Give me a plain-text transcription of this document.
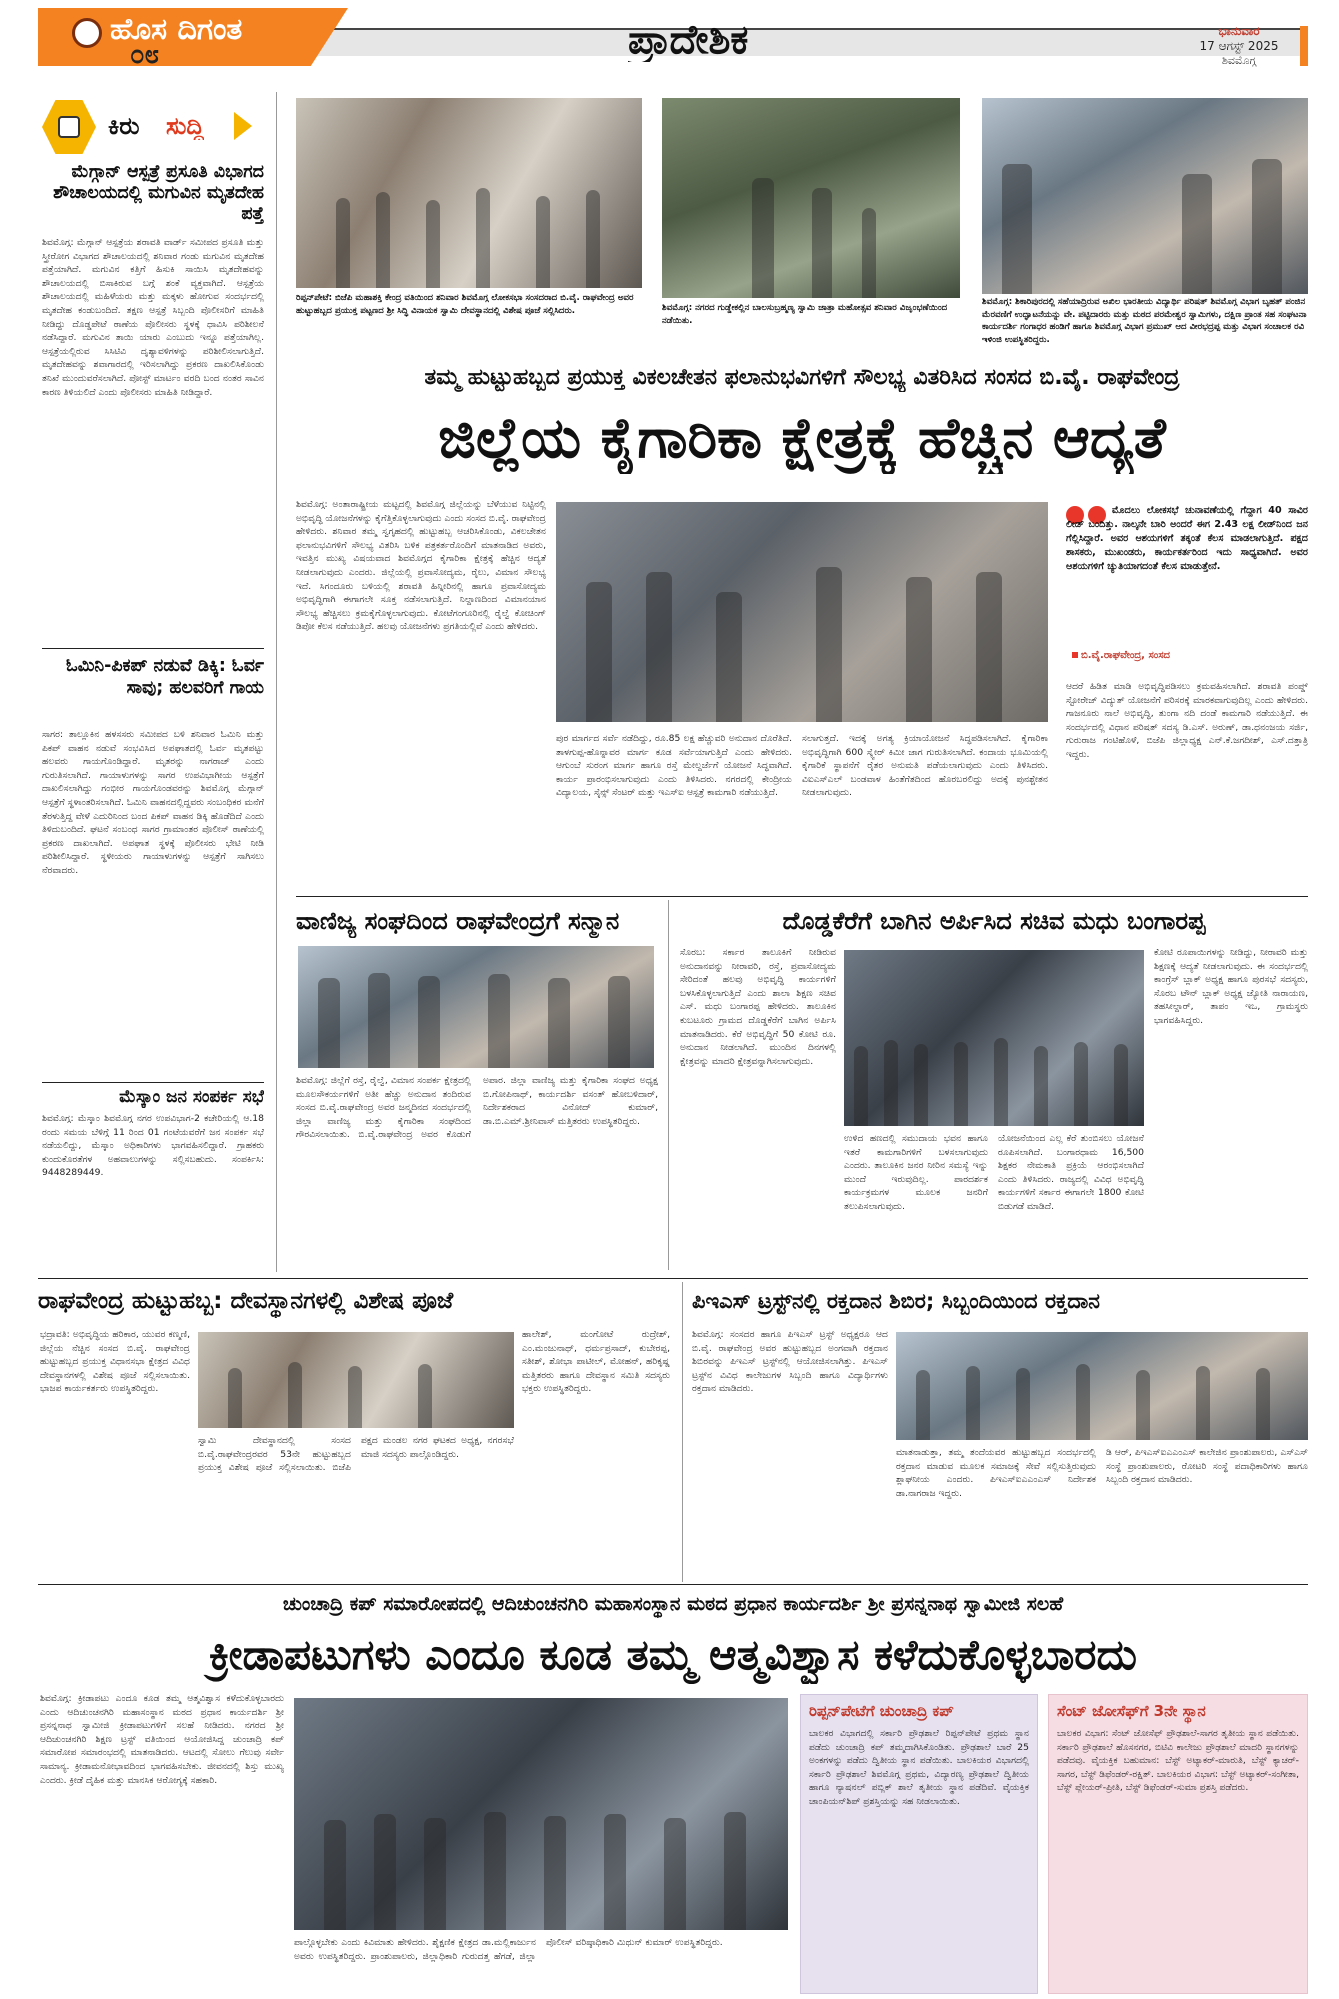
ಹೊಸ ದಿಗಂತ
೦೮	ಪ್ರಾದೇಶಿಕ	ಭಾನುವಾರ
17 ಆಗಸ್ಟ್ 2025
ಶಿವಮೊಗ್ಗ
ಕಿರು ಸುದ್ದಿ
ಮೆಗ್ಗಾನ್ ಆಸ್ಪತ್ರೆ ಪ್ರಸೂತಿ ವಿಭಾಗದ ಶೌಚಾಲಯದಲ್ಲಿ ಮಗುವಿನ ಮೃತದೇಹ ಪತ್ತೆ
ಶಿವಮೊಗ್ಗ: ಮೆಗ್ಗಾನ್ ಆಸ್ಪತ್ರೆಯ ಶರಾವತಿ ವಾರ್ಡ್ ಸಮೀಪದ ಪ್ರಸೂತಿ ಮತ್ತು ಸ್ತ್ರೀರೋಗ ವಿಭಾಗದ ಶೌಚಾಲಯದಲ್ಲಿ ಶನಿವಾರ ಗಂಡು ಮಗುವಿನ ಮೃತದೇಹ ಪತ್ತೆಯಾಗಿದೆ. ಮಗುವಿನ ಕತ್ತಿಗೆ ಹಿಸುಕಿ ಸಾಯಿಸಿ ಮೃತದೇಹವನ್ನು ಶೌಚಾಲಯದಲ್ಲಿ ಬಿಸಾಕಿರುವ ಬಗ್ಗೆ ಶಂಕೆ ವ್ಯಕ್ತವಾಗಿದೆ. ಆಸ್ಪತ್ರೆಯ ಶೌಚಾಲಯದಲ್ಲಿ ಮಹಿಳೆಯರು ಮತ್ತು ಮಕ್ಕಳು ಹೋಗುವ ಸಂದರ್ಭದಲ್ಲಿ ಮೃತದೇಹ ಕಂಡುಬಂದಿದೆ. ತಕ್ಷಣ ಆಸ್ಪತ್ರೆ ಸಿಬ್ಬಂದಿ ಪೊಲೀಸರಿಗೆ ಮಾಹಿತಿ ನೀಡಿದ್ದು ದೊಡ್ಡಪೇಟೆ ಠಾಣೆಯ ಪೊಲೀಸರು ಸ್ಥಳಕ್ಕೆ ಧಾವಿಸಿ ಪರಿಶೀಲನೆ ನಡೆಸಿದ್ದಾರೆ. ಮಗುವಿನ ತಾಯಿ ಯಾರು ಎಂಬುದು ಇನ್ನೂ ಪತ್ತೆಯಾಗಿಲ್ಲ. ಆಸ್ಪತ್ರೆಯಲ್ಲಿರುವ ಸಿಸಿಟಿವಿ ದೃಶ್ಯಾವಳಿಗಳನ್ನು ಪರಿಶೀಲಿಸಲಾಗುತ್ತಿದೆ. ಮೃತದೇಹವನ್ನು ಶವಾಗಾರದಲ್ಲಿ ಇರಿಸಲಾಗಿದ್ದು ಪ್ರಕರಣ ದಾಖಲಿಸಿಕೊಂಡು ತನಿಖೆ ಮುಂದುವರೆಸಲಾಗಿದೆ. ಪೋಸ್ಟ್ ಮಾರ್ಟಂ ವರದಿ ಬಂದ ನಂತರ ಸಾವಿನ ಕಾರಣ ತಿಳಿಯಲಿದೆ ಎಂದು ಪೊಲೀಸರು ಮಾಹಿತಿ ನೀಡಿದ್ದಾರೆ.
ಓಮಿನಿ-ಪಿಕಪ್ ನಡುವೆ ಡಿಕ್ಕಿ: ಓರ್ವ ಸಾವು; ಹಲವರಿಗೆ ಗಾಯ
ಸಾಗರ: ತಾಲ್ಲೂಕಿನ ಹಳಸಸರು ಸಮೀಪದ ಬಳಿ ಶನಿವಾರ ಓಮಿನಿ ಮತ್ತು ಪಿಕಪ್ ವಾಹನ ನಡುವೆ ಸಂಭವಿಸಿದ ಅಪಘಾತದಲ್ಲಿ ಓರ್ವ ಮೃತಪಟ್ಟು ಹಲವರು ಗಾಯಗೊಂಡಿದ್ದಾರೆ. ಮೃತರನ್ನು ನಾಗರಾಜ್ ಎಂದು ಗುರುತಿಸಲಾಗಿದೆ. ಗಾಯಾಳುಗಳನ್ನು ಸಾಗರ ಉಪವಿಭಾಗೀಯ ಆಸ್ಪತ್ರೆಗೆ ದಾಖಲಿಸಲಾಗಿದ್ದು ಗಂಭೀರ ಗಾಯಗೊಂಡವರನ್ನು ಶಿವಮೊಗ್ಗ ಮೆಗ್ಗಾನ್ ಆಸ್ಪತ್ರೆಗೆ ಸ್ಥಳಾಂತರಿಸಲಾಗಿದೆ. ಓಮಿನಿ ವಾಹನದಲ್ಲಿದ್ದವರು ಸಂಬಂಧಿಕರ ಮನೆಗೆ ತೆರಳುತ್ತಿದ್ದ ವೇಳೆ ಎದುರಿನಿಂದ ಬಂದ ಪಿಕಪ್ ವಾಹನ ಡಿಕ್ಕಿ ಹೊಡೆದಿದೆ ಎಂದು ತಿಳಿದುಬಂದಿದೆ. ಘಟನೆ ಸಂಬಂಧ ಸಾಗರ ಗ್ರಾಮಾಂತರ ಪೊಲೀಸ್ ಠಾಣೆಯಲ್ಲಿ ಪ್ರಕರಣ ದಾಖಲಾಗಿದೆ. ಅಪಘಾತ ಸ್ಥಳಕ್ಕೆ ಪೊಲೀಸರು ಭೇಟಿ ನೀಡಿ ಪರಿಶೀಲಿಸಿದ್ದಾರೆ. ಸ್ಥಳೀಯರು ಗಾಯಾಳುಗಳನ್ನು ಆಸ್ಪತ್ರೆಗೆ ಸಾಗಿಸಲು ನೆರವಾದರು.
ಮೆಸ್ಕಾಂ ಜನ ಸಂಪರ್ಕ ಸಭೆ
ಶಿವಮೊಗ್ಗ: ಮೆಸ್ಕಾಂ ಶಿವಮೊಗ್ಗ ನಗರ ಉಪವಿಭಾಗ-2 ಕಚೇರಿಯಲ್ಲಿ ಆ.18 ರಂದು ಸಮಯ ಬೆಳಿಗ್ಗೆ 11 ರಿಂದ 01 ಗಂಟೆಯವರೆಗೆ ಜನ ಸಂಪರ್ಕ ಸಭೆ ನಡೆಯಲಿದ್ದು, ಮೆಸ್ಕಾಂ ಅಧಿಕಾರಿಗಳು ಭಾಗವಹಿಸಲಿದ್ದಾರೆ. ಗ್ರಾಹಕರು ಕುಂದುಕೊರತೆಗಳ ಅಹವಾಲುಗಳನ್ನು ಸಲ್ಲಿಸಬಹುದು. ಸಂಪರ್ಕಿಸಿ: 9448289449.
ರಿಪ್ಪನ್‌ಪೇಟೆ: ಬಿಜೆಪಿ ಮಹಾಶಕ್ತಿ ಕೇಂದ್ರ ವತಿಯಿಂದ ಶನಿವಾರ ಶಿವಮೊಗ್ಗ ಲೋಕಸಭಾ ಸಂಸದರಾದ ಬಿ.ವೈ. ರಾಘವೇಂದ್ರ ಅವರ ಹುಟ್ಟುಹಬ್ಬದ ಪ್ರಯುಕ್ತ ಪಟ್ಟಣದ ಶ್ರೀ ಸಿದ್ಧಿ ವಿನಾಯಕ ಸ್ವಾಮಿ ದೇವಸ್ಥಾನದಲ್ಲಿ ವಿಶೇಷ ಪೂಜೆ ಸಲ್ಲಿಸಿದರು.	ಶಿವಮೊಗ್ಗ: ನಗರದ ಗುಡ್ಡೇಕಲ್ಲಿನ ಬಾಲಸುಬ್ರಹ್ಮಣ್ಯ ಸ್ವಾಮಿ ಜಾತ್ರಾ ಮಹೋತ್ಸವ ಶನಿವಾರ ವಿಜೃಂಭಣೆಯಿಂದ ನಡೆಯಿತು.
ಶಿವಮೊಗ್ಗ: ಶಿಕಾರಿಪುರದಲ್ಲಿ ಸಹೆಯಾದ್ರಿರುವ ಅಖಿಲ ಭಾರತೀಯ ವಿದ್ಯಾರ್ಥಿ ಪರಿಷತ್ ಶಿವಮೊಗ್ಗ ವಿಭಾಗ ಬೃಹತ್ ಪಂಜಿನ ಮೆರವಣಿಗೆ ಉದ್ಘಾಟನೆಯನ್ನು ವೇ. ಪಟ್ಟಿದಾರರು ಮತ್ತು ಮಠದ ಪರಮೇಶ್ವರ ಸ್ವಾಮಿಗಳು, ದಕ್ಷಿಣ ಪ್ರಾಂತ ಸಹ ಸಂಘಟನಾ ಕಾರ್ಯದರ್ಶಿ ಗಂಗಾಧರ ಹಂಡಿಗೆ ಹಾಗೂ ಶಿವಮೊಗ್ಗ ವಿಭಾಗ ಪ್ರಮುಖ್ ಆದ ವೀರಭದ್ರಪ್ಪ ಮತ್ತು ವಿಭಾಗ ಸಂಚಾಲಕ ರವಿ ಇಳಿಂಜಿ ಉಪಸ್ಥಿತರಿದ್ದರು.
ತಮ್ಮ ಹುಟ್ಟುಹಬ್ಬದ ಪ್ರಯುಕ್ತ ವಿಕಲಚೇತನ ಫಲಾನುಭವಿಗಳಿಗೆ ಸೌಲಭ್ಯ ವಿತರಿಸಿದ ಸಂಸದ ಬಿ.ವೈ. ರಾಘವೇಂದ್ರ
ಜಿಲ್ಲೆಯ ಕೈಗಾರಿಕಾ ಕ್ಷೇತ್ರಕ್ಕೆ ಹೆಚ್ಚಿನ ಆದ್ಯತೆ
ಶಿವಮೊಗ್ಗ: ಅಂತಾರಾಷ್ಟ್ರೀಯ ಮಟ್ಟದಲ್ಲಿ ಶಿವಮೊಗ್ಗ ಜಿಲ್ಲೆಯನ್ನು ಬೆಳೆಯುವ ನಿಟ್ಟಿನಲ್ಲಿ ಅಭಿವೃದ್ಧಿ ಯೋಜನೆಗಳನ್ನು ಕೈಗೆತ್ತಿಕೊಳ್ಳಲಾಗುವುದು ಎಂದು ಸಂಸದ ಬಿ.ವೈ. ರಾಘವೇಂದ್ರ ಹೇಳಿದರು. ಶನಿವಾರ ತಮ್ಮ ಸ್ವಗೃಹದಲ್ಲಿ ಹುಟ್ಟುಹಬ್ಬ ಆಚರಿಸಿಕೊಂಡು, ವಿಕಲಚೇತನ ಫಲಾನುಭವಿಗಳಿಗೆ ಸೌಲಭ್ಯ ವಿತರಿಸಿ ಬಳಿಕ ಪತ್ರಕರ್ತರೊಂದಿಗೆ ಮಾತನಾಡಿದ ಅವರು, ಇವತ್ತಿನ ಮುಖ್ಯ ವಿಷಯವಾದ ಶಿವಮೊಗ್ಗದ ಕೈಗಾರಿಕಾ ಕ್ಷೇತ್ರಕ್ಕೆ ಹೆಚ್ಚಿನ ಆದ್ಯತೆ ನೀಡಲಾಗುವುದು ಎಂದರು. ಜಿಲ್ಲೆಯಲ್ಲಿ ಪ್ರವಾಸೋದ್ಯಮ, ರೈಲು, ವಿಮಾನ ಸೌಲಭ್ಯ ಇದೆ. ಸಿಗಂದೂರು ಬಳಿಯಲ್ಲಿ ಶರಾವತಿ ಹಿನ್ನೀರಿನಲ್ಲಿ ಹಾಗೂ ಪ್ರವಾಸೋದ್ಯಮ ಅಭಿವೃದ್ಧಿಗಾಗಿ ಈಗಾಗಲೇ ಸೂಕ್ತ ನಡೆಸಲಾಗುತ್ತಿದೆ. ನಿಲ್ದಾಣದಿಂದ ವಿಮಾನಯಾನ ಸೌಲಭ್ಯ ಹೆಚ್ಚಿಸಲು ಕ್ರಮಕೈಗೊಳ್ಳಲಾಗುವುದು. ಕೋಟೆಗಂಗೂರಿನಲ್ಲಿ ರೈಲ್ವೆ ಕೋಚಿಂಗ್ ಡಿಪೋ ಕೆಲಸ ನಡೆಯುತ್ತಿದೆ. ಹಲವು ಯೋಜನೆಗಳು ಪ್ರಗತಿಯಲ್ಲಿವೆ ಎಂದು ಹೇಳಿದರು.
ಪುರ ಮಾರ್ಗದ ಸರ್ವೆ ನಡೆದಿದ್ದು, ರೂ.85 ಲಕ್ಷ ಹೆಚ್ಚುವರಿ ಅನುದಾನ ದೊರೆತಿದೆ. ತಾಳಗುಪ್ಪ-ಹೊನ್ನಾವರ ಮಾರ್ಗ ಕೂಡ ಸರ್ವೆಯಾಗುತ್ತಿದೆ ಎಂದು ಹೇಳಿದರು. ಆಗುಂಬೆ ಸುರಂಗ ಮಾರ್ಗ ಹಾಗೂ ರಸ್ತೆ ಮೇಲ್ದರ್ಜೆಗೆ ಯೋಜನೆ ಸಿದ್ಧವಾಗಿದೆ. ಕಾರ್ಯ ಪ್ರಾರಂಭಿಸಲಾಗುವುದು ಎಂದು ತಿಳಿಸಿದರು. ನಗರದಲ್ಲಿ ಕೇಂದ್ರೀಯ ವಿದ್ಯಾಲಯ, ಸೈನ್ಸ್ ಸೆಂಟರ್ ಮತ್ತು ಇಎಸ್‌ಐ ಆಸ್ಪತ್ರೆ ಕಾಮಗಾರಿ ನಡೆಯುತ್ತಿದೆ.
ಸಲಾಗುತ್ತದೆ. ಇದಕ್ಕೆ ಅಗತ್ಯ ಕ್ರಿಯಾಯೋಜನೆ ಸಿದ್ಧಪಡಿಸಲಾಗಿದೆ. ಕೈಗಾರಿಕಾ ಅಭಿವೃದ್ಧಿಗಾಗಿ 600 ಸ್ಕ್ವೇರ್ ಕಿಮೀ ಜಾಗ ಗುರುತಿಸಲಾಗಿದೆ. ಕಂದಾಯ ಭೂಮಿಯಲ್ಲಿ ಕೈಗಾರಿಕೆ ಸ್ಥಾಪನೆಗೆ ರೈತರ ಅನುಮತಿ ಪಡೆಯಲಾಗುವುದು ಎಂದು ತಿಳಿಸಿದರು. ವಿಐಎಸ್‌ಎಲ್ ಬಂಡವಾಳ ಹಿಂತೆಗೆತದಿಂದ ಹೊರಬರಲಿದ್ದು ಅದಕ್ಕೆ ಪುನಶ್ಚೇತನ ನೀಡಲಾಗುವುದು.
ಮೊದಲು ಲೋಕಸಭೆ ಚುನಾವಣೆಯಲ್ಲಿ ಗೆದ್ದಾಗ 40 ಸಾವಿರ ಲೀಡ್ ಬಂದಿತ್ತು. ನಾಲ್ಕನೇ ಬಾರಿ ಅಂದರೆ ಈಗ 2.43 ಲಕ್ಷ ಲೀಡ್‌ನಿಂದ ಜನ ಗೆಲ್ಲಿಸಿದ್ದಾರೆ. ಅವರ ಆಶಯಗಳಿಗೆ ತಕ್ಕಂತೆ ಕೆಲಸ ಮಾಡಲಾಗುತ್ತಿದೆ. ಪಕ್ಷದ ಶಾಸಕರು, ಮುಖಂಡರು, ಕಾರ್ಯಕರ್ತರಿಂದ ಇದು ಸಾಧ್ಯವಾಗಿದೆ. ಅವರ ಆಶಯಗಳಿಗೆ ಚ್ಯುತಿಯಾಗದಂತೆ ಕೆಲಸ ಮಾಡುತ್ತೇನೆ.
ಬಿ.ವೈ.ರಾಘವೇಂದ್ರ, ಸಂಸದ
ಆದರೆ ಹಿಡಿತ ಮಾಡಿ ಅಭಿವೃದ್ಧಿಪಡಿಸಲು ಕ್ರಮವಹಿಸಲಾಗಿದೆ. ಶರಾವತಿ ಪಂಪ್ಡ್ ಸ್ಟೋರೇಜ್ ವಿದ್ಯುತ್ ಯೋಜನೆಗೆ ಪರಿಸರಕ್ಕೆ ಮಾರಕವಾಗುವುದಿಲ್ಲ ಎಂದು ಹೇಳಿದರು. ಗಾಜನೂರು ನಾಲೆ ಅಭಿವೃದ್ಧಿ, ತುಂಗಾ ನದಿ ದಂಡೆ ಕಾಮಗಾರಿ ನಡೆಯುತ್ತಿದೆ. ಈ ಸಂದರ್ಭದಲ್ಲಿ ವಿಧಾನ ಪರಿಷತ್ ಸದಸ್ಯ ಡಿ.ಎಸ್. ಅರುಣ್, ಡಾ.ಧನಂಜಯ ಸರ್ಜಿ, ಗುರುರಾಜ ಗಂಟಿಹೊಳೆ, ಬಿಜೆಪಿ ಜಿಲ್ಲಾಧ್ಯಕ್ಷ ಎನ್.ಕೆ.ಜಗದೀಶ್, ಎಸ್.ದತ್ತಾತ್ರಿ ಇದ್ದರು.
ವಾಣಿಜ್ಯ ಸಂಘದಿಂದ ರಾಘವೇಂದ್ರಗೆ ಸನ್ಮಾನ
ಶಿವಮೊಗ್ಗ: ಜಿಲ್ಲೆಗೆ ರಸ್ತೆ, ರೈಲ್ವೆ, ವಿಮಾನ ಸಂಪರ್ಕ ಕ್ಷೇತ್ರದಲ್ಲಿ ಮೂಲಸೌಕರ್ಯಗಳಿಗೆ ಅತೀ ಹೆಚ್ಚು ಅನುದಾನ ತಂದಿರುವ ಸಂಸದ ಬಿ.ವೈ.ರಾಘವೇಂದ್ರ ಅವರ ಜನ್ಮದಿನದ ಸಂದರ್ಭದಲ್ಲಿ ಜಿಲ್ಲಾ ವಾಣಿಜ್ಯ ಮತ್ತು ಕೈಗಾರಿಕಾ ಸಂಘದಿಂದ ಗೌರವಿಸಲಾಯಿತು. ಬಿ.ವೈ.ರಾಘವೇಂದ್ರ ಅವರ ಕೊಡುಗೆ ಅಪಾರ. ಜಿಲ್ಲಾ ವಾಣಿಜ್ಯ ಮತ್ತು ಕೈಗಾರಿಕಾ ಸಂಘದ ಅಧ್ಯಕ್ಷ ಬಿ.ಗೋಪಿನಾಥ್, ಕಾರ್ಯದರ್ಶಿ ವಸಂತ್ ಹೋಬಳಿದಾರ್, ನಿರ್ದೇಶಕರಾದ ವಿನೋದ್ ಕುಮಾರ್, ಡಾ.ಬಿ.ಎಮ್.ಶ್ರೀನಿವಾಸ್ ಮತ್ತಿತರರು ಉಪಸ್ಥಿತರಿದ್ದರು.
ದೊಡ್ಡಕೆರೆಗೆ ಬಾಗಿನ ಅರ್ಪಿಸಿದ ಸಚಿವ ಮಧು ಬಂಗಾರಪ್ಪ
ಸೊರಬ: ಸರ್ಕಾರ ತಾಲೂಕಿಗೆ ನೀಡಿರುವ ಅನುದಾನವನ್ನು ನೀರಾವರಿ, ರಸ್ತೆ, ಪ್ರವಾಸೋದ್ಯಮ ಸೇರಿದಂತೆ ಹಲವು ಅಭಿವೃದ್ಧಿ ಕಾರ್ಯಗಳಿಗೆ ಬಳಸಿಕೊಳ್ಳಲಾಗುತ್ತಿದೆ ಎಂದು ಶಾಲಾ ಶಿಕ್ಷಣ ಸಚಿವ ಎಸ್. ಮಧು ಬಂಗಾರಪ್ಪ ಹೇಳಿದರು. ತಾಲೂಕಿನ ಕುಬಟೂರು ಗ್ರಾಮದ ದೊಡ್ಡಕೆರೆಗೆ ಬಾಗಿನ ಅರ್ಪಿಸಿ ಮಾತನಾಡಿದರು. ಕೆರೆ ಅಭಿವೃದ್ಧಿಗೆ 50 ಕೋಟಿ ರೂ. ಅನುದಾನ ನೀಡಲಾಗಿದೆ. ಮುಂದಿನ ದಿನಗಳಲ್ಲಿ ಕ್ಷೇತ್ರವನ್ನು ಮಾದರಿ ಕ್ಷೇತ್ರವನ್ನಾಗಿಸಲಾಗುವುದು.
ಉಳಿದ ಹಣದಲ್ಲಿ ಸಮುದಾಯ ಭವನ ಹಾಗೂ ಇತರೆ ಕಾಮಗಾರಿಗಳಿಗೆ ಬಳಸಲಾಗುವುದು ಎಂದರು. ತಾಲೂಕಿನ ಜನರ ನೀರಿನ ಸಮಸ್ಯೆ ಇನ್ನು ಮುಂದೆ ಇರುವುದಿಲ್ಲ. ಪಾರದರ್ಶಕ ಕಾರ್ಯಕ್ರಮಗಳ ಮೂಲಕ ಜನರಿಗೆ ತಲುಪಿಸಲಾಗುವುದು.
ಯೋಜನೆಯಿಂದ ಎಲ್ಲ ಕೆರೆ ತುಂಬಿಸಲು ಯೋಜನೆ ರೂಪಿಸಲಾಗಿದೆ. ಬಂಗಾರಧಾಮ 16,500 ಶಿಕ್ಷಕರ ನೇಮಕಾತಿ ಪ್ರಕ್ರಿಯೆ ಆರಂಭಿಸಲಾಗಿದೆ ಎಂದು ತಿಳಿಸಿದರು. ರಾಜ್ಯದಲ್ಲಿ ವಿವಿಧ ಅಭಿವೃದ್ಧಿ ಕಾರ್ಯಗಳಿಗೆ ಸರ್ಕಾರ ಈಗಾಗಲೇ 1800 ಕೋಟಿ ಬಿಡುಗಡೆ ಮಾಡಿದೆ.
ಕೋಟಿ ರೂಪಾಯಿಗಳನ್ನು ನೀಡಿದ್ದು, ನೀರಾವರಿ ಮತ್ತು ಶಿಕ್ಷಣಕ್ಕೆ ಆದ್ಯತೆ ನೀಡಲಾಗುವುದು. ಈ ಸಂದರ್ಭದಲ್ಲಿ ಕಾಂಗ್ರೆಸ್ ಬ್ಲಾಕ್ ಅಧ್ಯಕ್ಷ ಹಾಗೂ ಪುರಸಭೆ ಸದಸ್ಯರು, ಸೊರಬ ಟೌನ್ ಬ್ಲಾಕ್ ಅಧ್ಯಕ್ಷ ಜ್ಯೋತಿ ನಾರಾಯಣ, ತಹಸೀಲ್ದಾರ್, ತಾಪಂ ಇಒ, ಗ್ರಾಮಸ್ಥರು ಭಾಗವಹಿಸಿದ್ದರು.
ರಾಘವೇಂದ್ರ ಹುಟ್ಟುಹಬ್ಬ: ದೇವಸ್ಥಾನಗಳಲ್ಲಿ ವಿಶೇಷ ಪೂಜೆ
ಭದ್ರಾವತಿ: ಅಭಿವೃದ್ಧಿಯ ಹರಿಕಾರ, ಯುವರ ಕಣ್ಮಣಿ, ಜಿಲ್ಲೆಯ ನೆಚ್ಚಿನ ಸಂಸದ ಬಿ.ವೈ. ರಾಘವೇಂದ್ರ ಹುಟ್ಟುಹಬ್ಬದ ಪ್ರಯುಕ್ತ ವಿಧಾನಸಭಾ ಕ್ಷೇತ್ರದ ವಿವಿಧ ದೇವಸ್ಥಾನಗಳಲ್ಲಿ ವಿಶೇಷ ಪೂಜೆ ಸಲ್ಲಿಸಲಾಯಿತು. ಭಾಜಪ ಕಾರ್ಯಕರ್ತರು ಉಪಸ್ಥಿತರಿದ್ದರು.
ಸ್ವಾಮಿ ದೇವಸ್ಥಾನದಲ್ಲಿ ಸಂಸದ ಬಿ.ವೈ.ರಾಘವೇಂದ್ರರವರ 53ನೇ ಹುಟ್ಟುಹಬ್ಬದ ಪ್ರಯುಕ್ತ ವಿಶೇಷ ಪೂಜೆ ಸಲ್ಲಿಸಲಾಯಿತು. ಬಿಜೆಪಿ ಪಕ್ಷದ ಮಂಡಲ ನಗರ ಘಟಕದ ಅಧ್ಯಕ್ಷ, ನಗರಸಭೆ ಮಾಜಿ ಸದಸ್ಯರು ಪಾಲ್ಗೊಂಡಿದ್ದರು.
ಹಾಲೇಶ್, ಮಂಗೋಟೆ ರುದ್ರೇಶ್, ಎಂ.ಮಂಜುನಾಥ್, ಧರ್ಮಪ್ರಸಾದ್, ಕುಬೇರಪ್ಪ, ಸತೀಶ್, ಶೋಭಾ ಪಾಟೀಲ್, ಮೋಹನ್, ಹರಿಕೃಷ್ಣ ಮತ್ತಿತರರು ಹಾಗೂ ದೇವಸ್ಥಾನ ಸಮಿತಿ ಸದಸ್ಯರು ಭಕ್ತರು ಉಪಸ್ಥಿತರಿದ್ದರು.
ಪಿಇಎಸ್ ಟ್ರಸ್ಟ್‌ನಲ್ಲಿ ರಕ್ತದಾನ ಶಿಬಿರ; ಸಿಬ್ಬಂದಿಯಿಂದ ರಕ್ತದಾನ
ಶಿವಮೊಗ್ಗ: ಸಂಸದರ ಹಾಗೂ ಪಿಇಎಸ್ ಟ್ರಸ್ಟ್ ಅಧ್ಯಕ್ಷರೂ ಆದ ಬಿ.ವೈ. ರಾಘವೇಂದ್ರ ಅವರ ಹುಟ್ಟುಹಬ್ಬದ ಅಂಗವಾಗಿ ರಕ್ತದಾನ ಶಿಬಿರವನ್ನು ಪಿಇಎಸ್ ಟ್ರಸ್ಟ್‌ನಲ್ಲಿ ಆಯೋಜಿಸಲಾಗಿತ್ತು. ಪಿಇಎಸ್ ಟ್ರಸ್ಟ್‌ನ ವಿವಿಧ ಕಾಲೇಜುಗಳ ಸಿಬ್ಬಂದಿ ಹಾಗೂ ವಿದ್ಯಾರ್ಥಿಗಳು ರಕ್ತದಾನ ಮಾಡಿದರು.
ಮಾತನಾಡುತ್ತಾ, ತಮ್ಮ ತಂದೆಯವರ ಹುಟ್ಟುಹಬ್ಬದ ಸಂದರ್ಭದಲ್ಲಿ ರಕ್ತದಾನ ಮಾಡುವ ಮೂಲಕ ಸಮಾಜಕ್ಕೆ ಸೇವೆ ಸಲ್ಲಿಸುತ್ತಿರುವುದು ಶ್ಲಾಘನೀಯ ಎಂದರು. ಪಿಇಎಸ್‌ಐಎಎಂಎಸ್ ನಿರ್ದೇಶಕ ಡಾ.ನಾಗರಾಜ ಇದ್ದರು.
ಡಿ ಆರ್, ಪಿಇಎಸ್‌ಐಎಎಂಎಸ್ ಕಾಲೇಜಿನ ಪ್ರಾಂಶುಪಾಲರು, ಎಸ್‌ಎಸ್ ಸಂಸ್ಥೆ ಪ್ರಾಂಶುಪಾಲರು, ರೋಟರಿ ಸಂಸ್ಥೆ ಪದಾಧಿಕಾರಿಗಳು ಹಾಗೂ ಸಿಬ್ಬಂದಿ ರಕ್ತದಾನ ಮಾಡಿದರು.
ಚುಂಚಾದ್ರಿ ಕಪ್ ಸಮಾರೋಪದಲ್ಲಿ ಆದಿಚುಂಚನಗಿರಿ ಮಹಾಸಂಸ್ಥಾನ ಮಠದ ಪ್ರಧಾನ ಕಾರ್ಯದರ್ಶಿ ಶ್ರೀ ಪ್ರಸನ್ನನಾಥ ಸ್ವಾಮೀಜಿ ಸಲಹೆ
ಕ್ರೀಡಾಪಟುಗಳು ಎಂದೂ ಕೂಡ ತಮ್ಮ ಆತ್ಮವಿಶ್ವಾಸ ಕಳೆದುಕೊಳ್ಳಬಾರದು
ಶಿವಮೊಗ್ಗ: ಕ್ರೀಡಾಪಟು ಎಂದೂ ಕೂಡ ತಮ್ಮ ಆತ್ಮವಿಶ್ವಾಸ ಕಳೆದುಕೊಳ್ಳಬಾರದು ಎಂದು ಆದಿಚುಂಚನಗಿರಿ ಮಹಾಸಂಸ್ಥಾನ ಮಠದ ಪ್ರಧಾನ ಕಾರ್ಯದರ್ಶಿ ಶ್ರೀ ಪ್ರಸನ್ನನಾಥ ಸ್ವಾಮೀಜಿ ಕ್ರೀಡಾಪಟುಗಳಿಗೆ ಸಲಹೆ ನೀಡಿದರು. ನಗರದ ಶ್ರೀ ಆದಿಚುಂಚನಗಿರಿ ಶಿಕ್ಷಣ ಟ್ರಸ್ಟ್ ವತಿಯಿಂದ ಆಯೋಜಿಸಿದ್ದ ಚುಂಚಾದ್ರಿ ಕಪ್ ಸಮಾರೋಪ ಸಮಾರಂಭದಲ್ಲಿ ಮಾತನಾಡಿದರು. ಆಟದಲ್ಲಿ ಸೋಲು ಗೆಲುವು ಸರ್ವೇ ಸಾಮಾನ್ಯ. ಕ್ರೀಡಾಮನೋಭಾವದಿಂದ ಭಾಗವಹಿಸಬೇಕು. ಜೀವನದಲ್ಲಿ ಶಿಸ್ತು ಮುಖ್ಯ ಎಂದರು. ಕ್ರೀಡೆ ದೈಹಿಕ ಮತ್ತು ಮಾನಸಿಕ ಆರೋಗ್ಯಕ್ಕೆ ಸಹಕಾರಿ.
ಪಾಲ್ಗೊಳ್ಳಬೇಕು ಎಂದು ಕಿವಿಮಾತು ಹೇಳಿದರು. ಶೈಕ್ಷಣಿಕ ಕ್ಷೇತ್ರದ ಡಾ.ಮಲ್ಲಿಕಾರ್ಜುನ ಅವರು ಉಪಸ್ಥಿತರಿದ್ದರು. ಪ್ರಾಂಶುಪಾಲರು, ಜಿಲ್ಲಾಧಿಕಾರಿ ಗುರುದತ್ತ ಹೆಗಡೆ, ಜಿಲ್ಲಾ ಪೊಲೀಸ್ ವರಿಷ್ಠಾಧಿಕಾರಿ ಮಿಥುನ್ ಕುಮಾರ್ ಉಪಸ್ಥಿತರಿದ್ದರು.
ರಿಪ್ಪನ್‌ಪೇಟೆಗೆ ಚುಂಚಾದ್ರಿ ಕಪ್
ಬಾಲಕರ ವಿಭಾಗದಲ್ಲಿ ಸರ್ಕಾರಿ ಪ್ರೌಢಶಾಲೆ ರಿಪ್ಪನ್‌ಪೇಟೆ ಪ್ರಥಮ ಸ್ಥಾನ ಪಡೆದು ಚುಂಚಾದ್ರಿ ಕಪ್ ತಮ್ಮದಾಗಿಸಿಕೊಂಡಿತು. ಪ್ರೌಢಶಾಲೆ ಬಾರೆ 25 ಅಂಕಗಳನ್ನು ಪಡೆದು ದ್ವಿತೀಯ ಸ್ಥಾನ ಪಡೆಯಿತು. ಬಾಲಕಿಯರ ವಿಭಾಗದಲ್ಲಿ ಸರ್ಕಾರಿ ಪ್ರೌಢಶಾಲೆ ಶಿವಮೊಗ್ಗ ಪ್ರಥಮ, ವಿದ್ಯಾರಣ್ಯ ಪ್ರೌಢಶಾಲೆ ದ್ವಿತೀಯ ಹಾಗೂ ನ್ಯಾಷನಲ್ ಪಬ್ಲಿಕ್ ಶಾಲೆ ತೃತೀಯ ಸ್ಥಾನ ಪಡೆದಿವೆ. ವೈಯಕ್ತಿಕ ಚಾಂಪಿಯನ್‌ಶಿಪ್ ಪ್ರಶಸ್ತಿಯನ್ನು ಸಹ ನೀಡಲಾಯಿತು.
ಸೆಂಟ್ ಜೋಸೆಫ್‌ಗೆ 3ನೇ ಸ್ಥಾನ
ಬಾಲಕರ ವಿಭಾಗ: ಸೆಂಟ್ ಜೋಸೆಫ್ ಪ್ರೌಢಶಾಲೆ-ಸಾಗರ ತೃತೀಯ ಸ್ಥಾನ ಪಡೆಯಿತು. ಸರ್ಕಾರಿ ಪ್ರೌಢಶಾಲೆ ಹೊಸನಗರ, ಬಿಟಿವಿ ಕಾಲೇಜು ಪ್ರೌಢಶಾಲೆ ಮಾದರಿ ಸ್ಥಾನಗಳನ್ನು ಪಡೆದವು. ವೈಯಕ್ತಿಕ ಬಹುಮಾನ: ಬೆಸ್ಟ್ ಅಟ್ಯಾಕರ್-ಮಾರುತಿ, ಬೆಸ್ಟ್ ಕ್ಯಾಚರ್-ಸಾಗರ, ಬೆಸ್ಟ್ ಡಿಫೆಂಡರ್-ರಕ್ಷಿತ್. ಬಾಲಕಿಯರ ವಿಭಾಗ: ಬೆಸ್ಟ್ ಅಟ್ಯಾಕರ್-ಸಂಗೀತಾ, ಬೆಸ್ಟ್ ಪ್ಲೇಯರ್-ಪ್ರೀತಿ, ಬೆಸ್ಟ್ ಡಿಫೆಂಡರ್-ಸುಮಾ ಪ್ರಶಸ್ತಿ ಪಡೆದರು.
